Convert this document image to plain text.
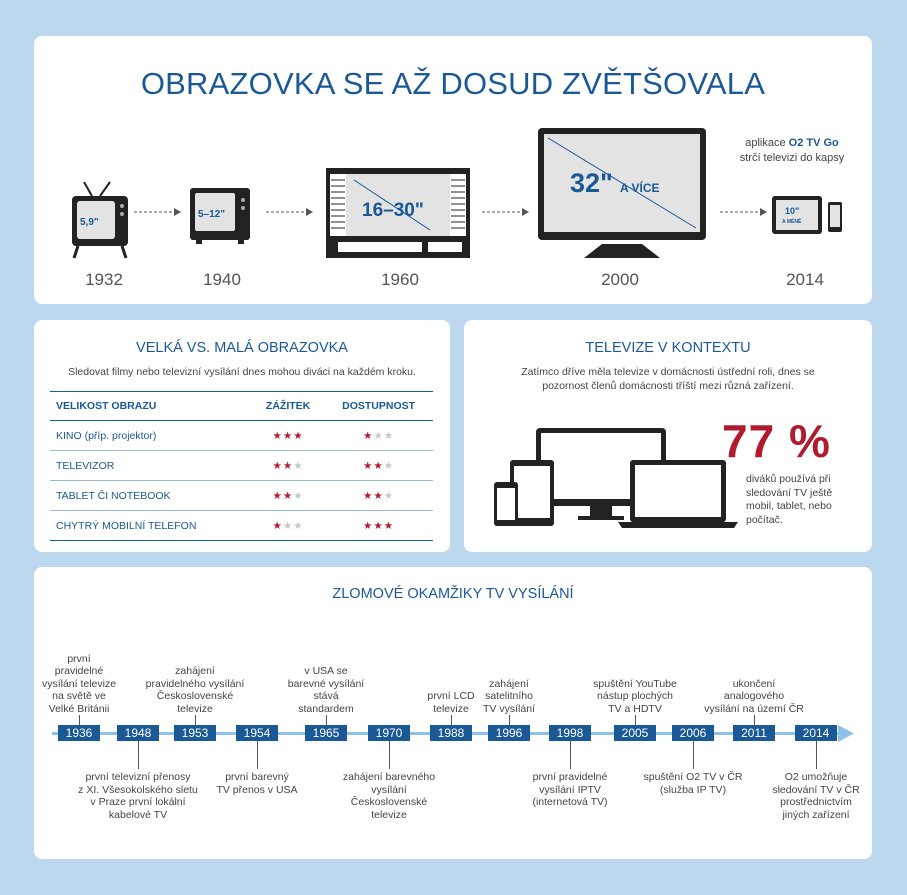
OBRAZOVKA SE AŽ DOSUD ZVĚTŠOVALA
5,9"
1932
5–12"
1940
16–30"
1960
32" A VÍCE
2000
aplikace O2 TV Go
strčí televizi do kapsy
10"
A MÉNĚ
2014
VELKÁ VS. MALÁ OBRAZOVKA
Sledovat filmy nebo televizní vysílání dnes mohou diváci na každém kroku.
VELIKOST OBRAZU	ZÁŽITEK	DOSTUPNOST
KINO (příp. projektor)	★★★	★★★
TELEVIZOR	★★★	★★★
TABLET ČI NOTEBOOK	★★★	★★★
CHYTRÝ MOBILNÍ TELEFON	★★★	★★★
TELEVIZE V KONTEXTU
Zatímco dříve měla televize v domácnosti ústřední roli, dnes se
pozornost členů domácnosti tříští mezi různá zařízení.
77 %
diváků používá při
sledování TV ještě
mobil, tablet, nebo
počítač.
ZLOMOVÉ OKAMŽIKY TV VYSÍLÁNÍ
1936	1948	1953	1954	1965	1970	1988	1996	1998	2005	2006	2011	2014
první
pravidelné
vysílání televize
na světě ve
Velké Británii
zahájení
pravidelného vysílání
Československé
televize
v USA se
barevné vysílání
stává
standardem
první LCD
televize
zahájení
satelitního
TV vysílání
spuštění YouTube
nástup plochých
TV a HDTV
ukončení
analogového
vysílání na území ČR
první televizní přenosy
z XI. Všesokolského sletu
v Praze první lokální
kabelové TV
první barevný
TV přenos v USA
zahájení barevného
vysílání
Československé
televize
první pravidelné
vysílání IPTV
(internetová TV)
spuštění O2 TV v ČR
(služba IP TV)
O2 umožňuje
sledování TV v ČR
prostřednictvím
jiných zařízení
